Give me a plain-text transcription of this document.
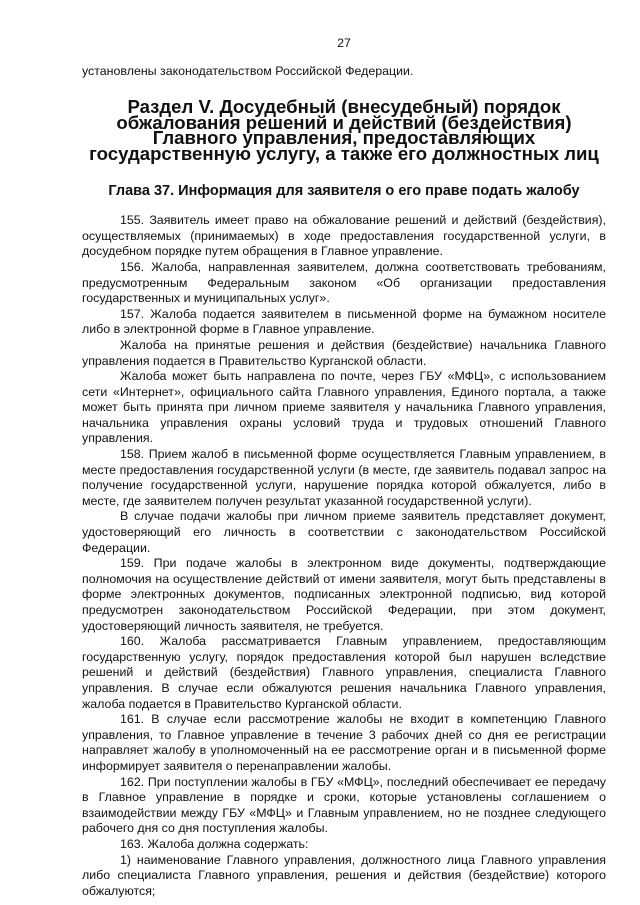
27

установлены законодательством Российской Федерации.

Раздел V. Досудебный (внесудебный) порядок обжалования решений и действий (бездействия) Главного управления, предоставляющих государственную услугу, а также его должностных лиц
Глава 37. Информация для заявителя о его праве подать жалобу

155. Заявитель имеет право на обжалование решений и действий (бездействия), осуществляемых (принимаемых) в ходе предоставления государственной услуги, в досудебном порядке путем обращения в Главное управление.

156. Жалоба, направленная заявителем, должна соответствовать требованиям, предусмотренным Федеральным законом «Об организации предоставления государственных и муниципальных услуг».

157. Жалоба подается заявителем в письменной форме на бумажном носителе либо в электронной форме в Главное управление.

Жалоба на принятые решения и действия (бездействие) начальника Главного управления подается в Правительство Курганской области.

Жалоба может быть направлена по почте, через ГБУ «МФЦ», с использованием сети «Интернет», официального сайта Главного управления, Единого портала, а также может быть принята при личном приеме заявителя у начальника Главного управления, начальника управления охраны условий труда и трудовых отношений Главного управления.

158. Прием жалоб в письменной форме осуществляется Главным управлением, в месте предоставления государственной услуги (в месте, где заявитель подавал запрос на получение государственной услуги, нарушение порядка которой обжалуется, либо в месте, где заявителем получен результат указанной государственной услуги).

В случае подачи жалобы при личном приеме заявитель представляет документ, удостоверяющий его личность в соответствии с законодательством Российской Федерации.

159. При подаче жалобы в электронном виде документы, подтверждающие полномочия на осуществление действий от имени заявителя, могут быть представлены в форме электронных документов, подписанных электронной подписью, вид которой предусмотрен законодательством Российской Федерации, при этом документ, удостоверяющий личность заявителя, не требуется.

160. Жалоба рассматривается Главным управлением, предоставляющим государственную услугу, порядок предоставления которой был нарушен вследствие решений и действий (бездействия) Главного управления, специалиста Главного управления. В случае если обжалуются решения начальника Главного управления, жалоба подается в Правительство Курганской области.

161. В случае если рассмотрение жалобы не входит в компетенцию Главного управления, то Главное управление в течение 3 рабочих дней со дня ее регистрации направляет жалобу в уполномоченный на ее рассмотрение орган и в письменной форме информирует заявителя о перенаправлении жалобы.

162. При поступлении жалобы в ГБУ «МФЦ», последний обеспечивает ее передачу в Главное управление в порядке и сроки, которые установлены соглашением о взаимодействии между ГБУ «МФЦ» и Главным управлением, но не позднее следующего рабочего дня со дня поступления жалобы.

163. Жалоба должна содержать:

1) наименование Главного управления, должностного лица Главного управления либо специалиста Главного управления, решения и действия (бездействие) которого обжалуются;
